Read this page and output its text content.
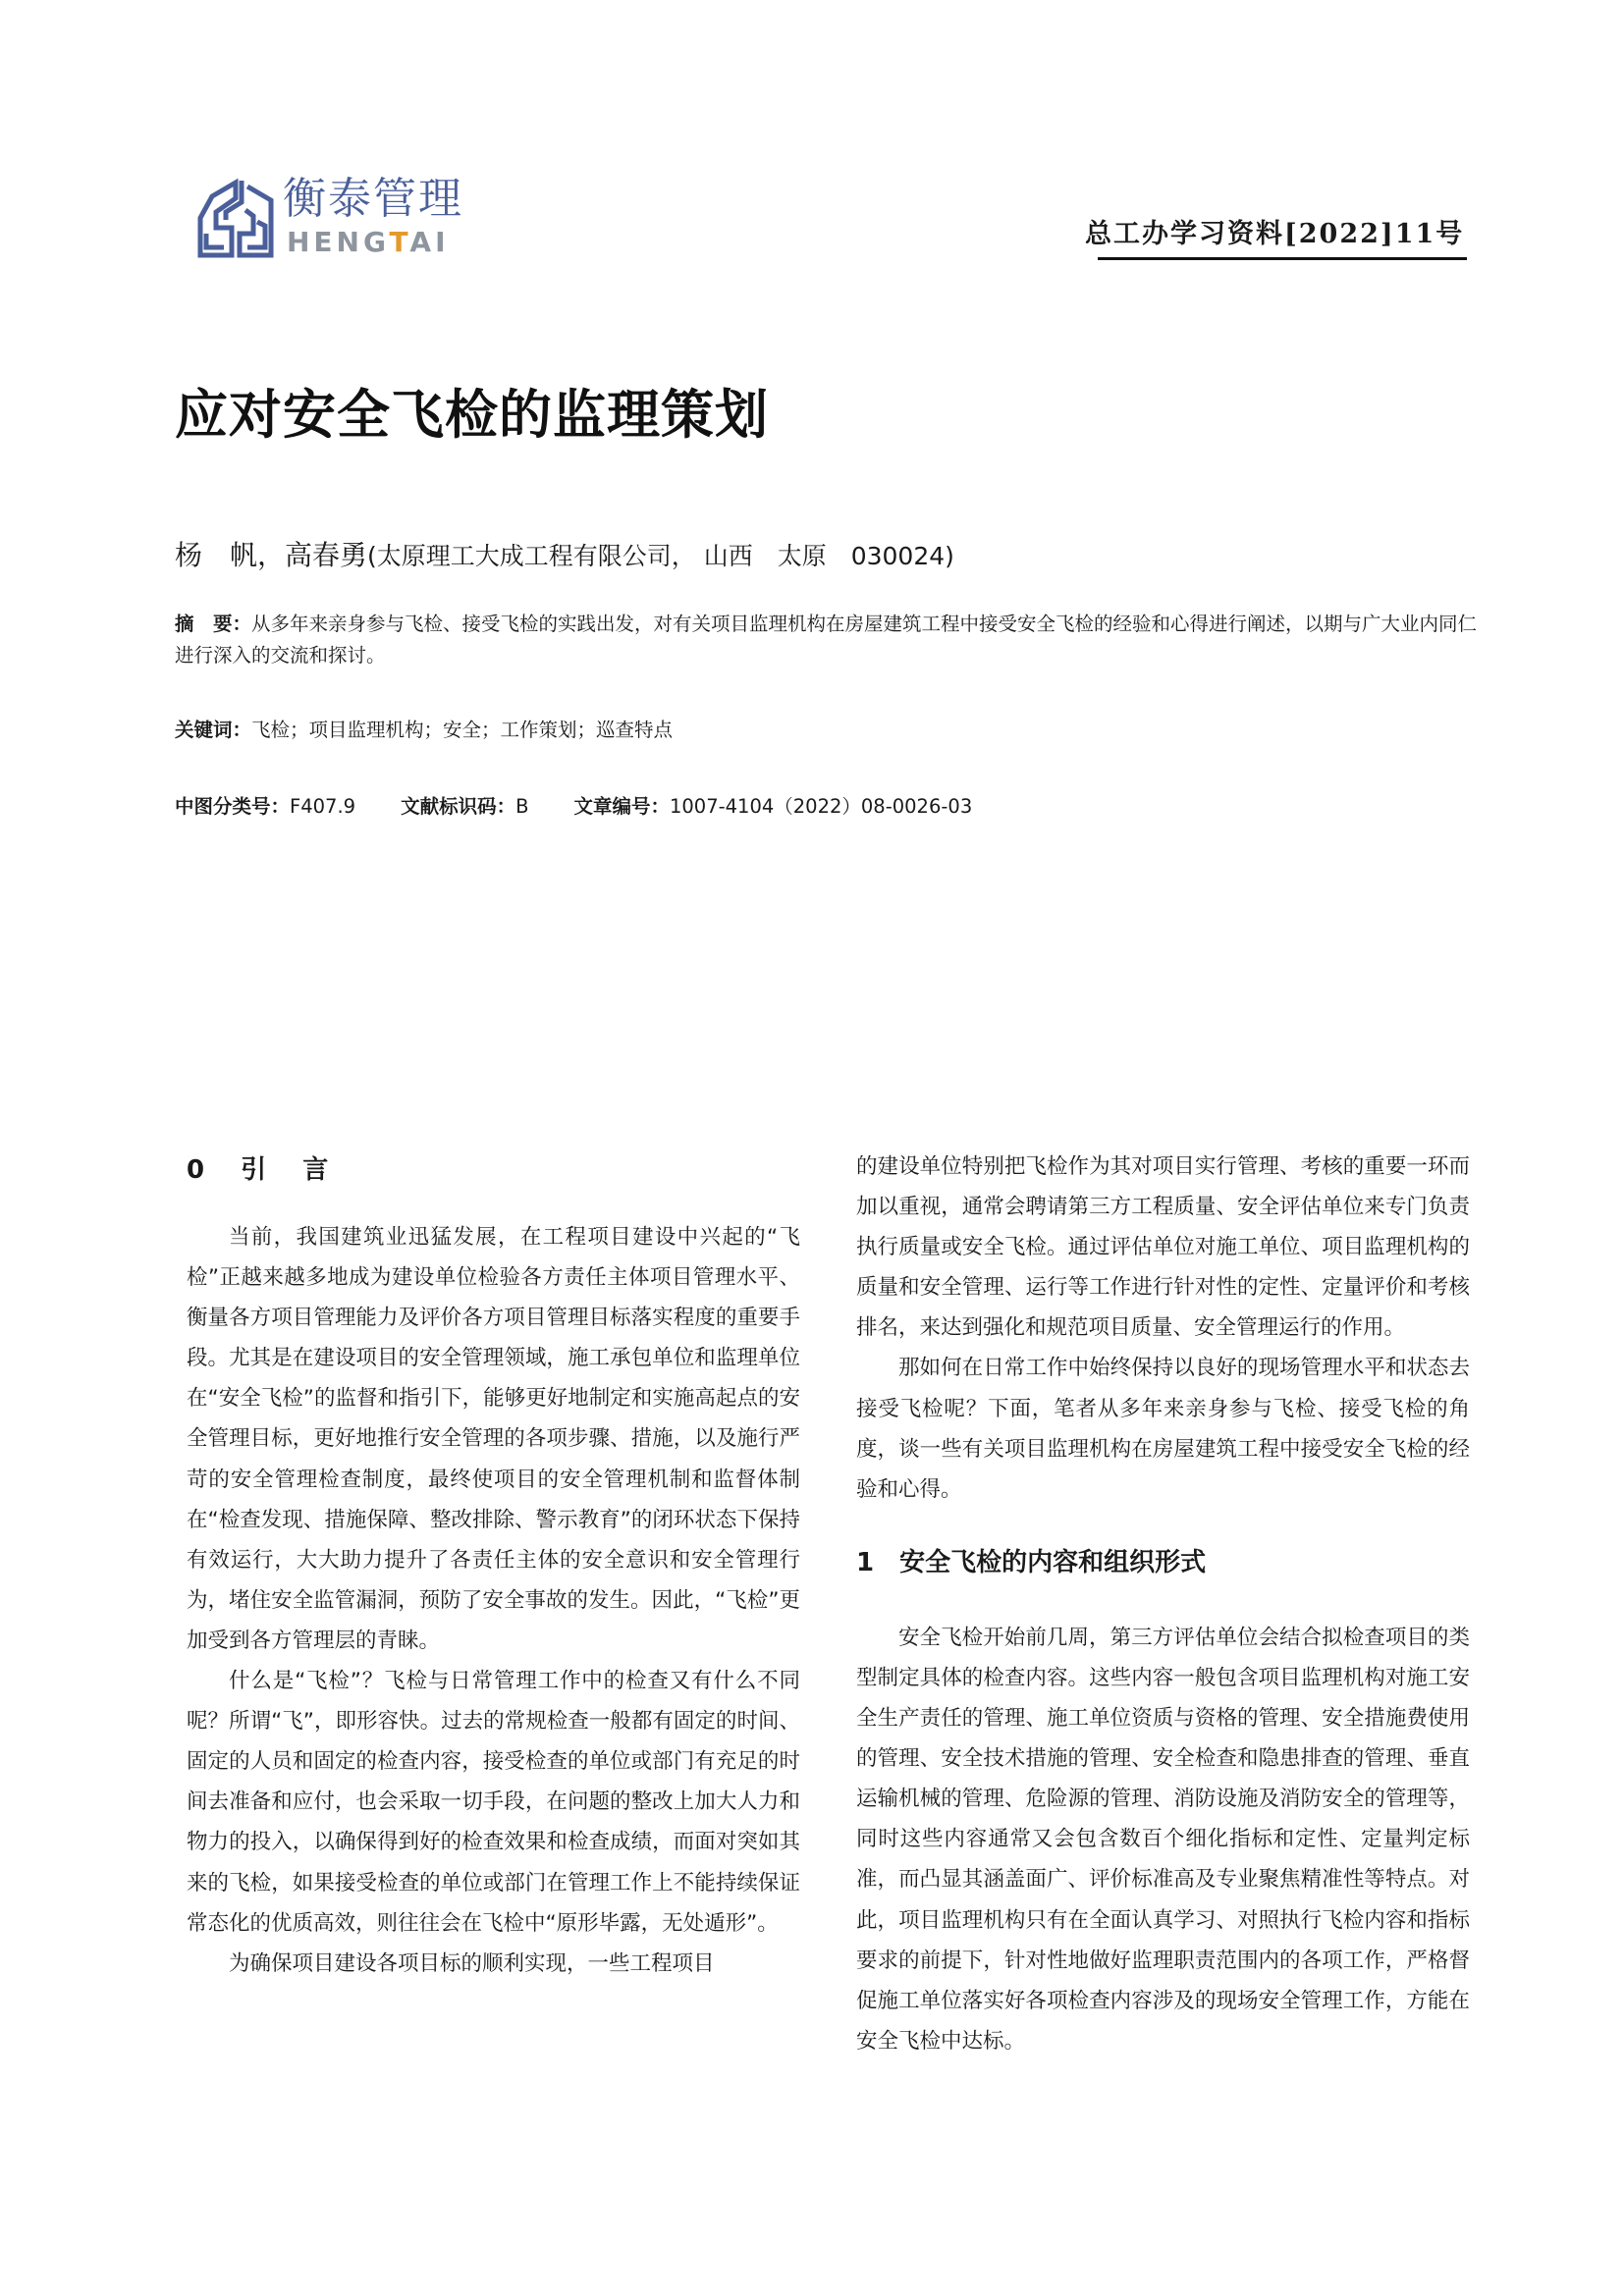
衡泰管理
HENGTAI	总工办学习资料[2022]11号
应对安全飞检的监理策划
杨　帆，高春勇(太原理工大成工程有限公司， 山西　太原　030024)
摘　要：从多年来亲身参与飞检、接受飞检的实践出发，对有关项目监理机构在房屋建筑工程中接受安全飞检的经验和心得进行阐述，以期与广大业内同仁进行深入的交流和探讨。
关键词：飞检；项目监理机构；安全；工作策划；巡查特点
中图分类号：F407.9 文献标识码：B 文章编号：1007-4104（2022）08-0026-03
0 引 言

当前，我国建筑业迅猛发展，在工程项目建设中兴起的“飞检”正越来越多地成为建设单位检验各方责任主体项目管理水平、衡量各方项目管理能力及评价各方项目管理目标落实程度的重要手段。尤其是在建设项目的安全管理领域，施工承包单位和监理单位在“安全飞检”的监督和指引下，能够更好地制定和实施高起点的安全管理目标，更好地推行安全管理的各项步骤、措施，以及施行严苛的安全管理检查制度，最终使项目的安全管理机制和监督体制在“检查发现、措施保障、整改排除、警示教育”的闭环状态下保持有效运行，大大助力提升了各责任主体的安全意识和安全管理行为，堵住安全监管漏洞，预防了安全事故的发生。因此，“飞检”更加受到各方管理层的青睐。

什么是“飞检”？飞检与日常管理工作中的检查又有什么不同呢？所谓“飞”，即形容快。过去的常规检查一般都有固定的时间、固定的人员和固定的检查内容，接受检查的单位或部门有充足的时间去准备和应付，也会采取一切手段，在问题的整改上加大人力和物力的投入，以确保得到好的检查效果和检查成绩，而面对突如其来的飞检，如果接受检查的单位或部门在管理工作上不能持续保证常态化的优质高效，则往往会在飞检中“原形毕露，无处遁形”。

为确保项目建设各项目标的顺利实现，一些工程项目

的建设单位特别把飞检作为其对项目实行管理、考核的重要一环而加以重视，通常会聘请第三方工程质量、安全评估单位来专门负责执行质量或安全飞检。通过评估单位对施工单位、项目监理机构的质量和安全管理、运行等工作进行针对性的定性、定量评价和考核排名，来达到强化和规范项目质量、安全管理运行的作用。

那如何在日常工作中始终保持以良好的现场管理水平和状态去接受飞检呢？下面，笔者从多年来亲身参与飞检、接受飞检的角度，谈一些有关项目监理机构在房屋建筑工程中接受安全飞检的经验和心得。

1　安全飞检的内容和组织形式

安全飞检开始前几周，第三方评估单位会结合拟检查项目的类型制定具体的检查内容。这些内容一般包含项目监理机构对施工安全生产责任的管理、施工单位资质与资格的管理、安全措施费使用的管理、安全技术措施的管理、安全检查和隐患排查的管理、垂直运输机械的管理、危险源的管理、消防设施及消防安全的管理等，同时这些内容通常又会包含数百个细化指标和定性、定量判定标准，而凸显其涵盖面广、评价标准高及专业聚焦精准性等特点。对此，项目监理机构只有在全面认真学习、对照执行飞检内容和指标要求的前提下，针对性地做好监理职责范围内的各项工作，严格督促施工单位落实好各项检查内容涉及的现场安全管理工作，方能在安全飞检中达标。
